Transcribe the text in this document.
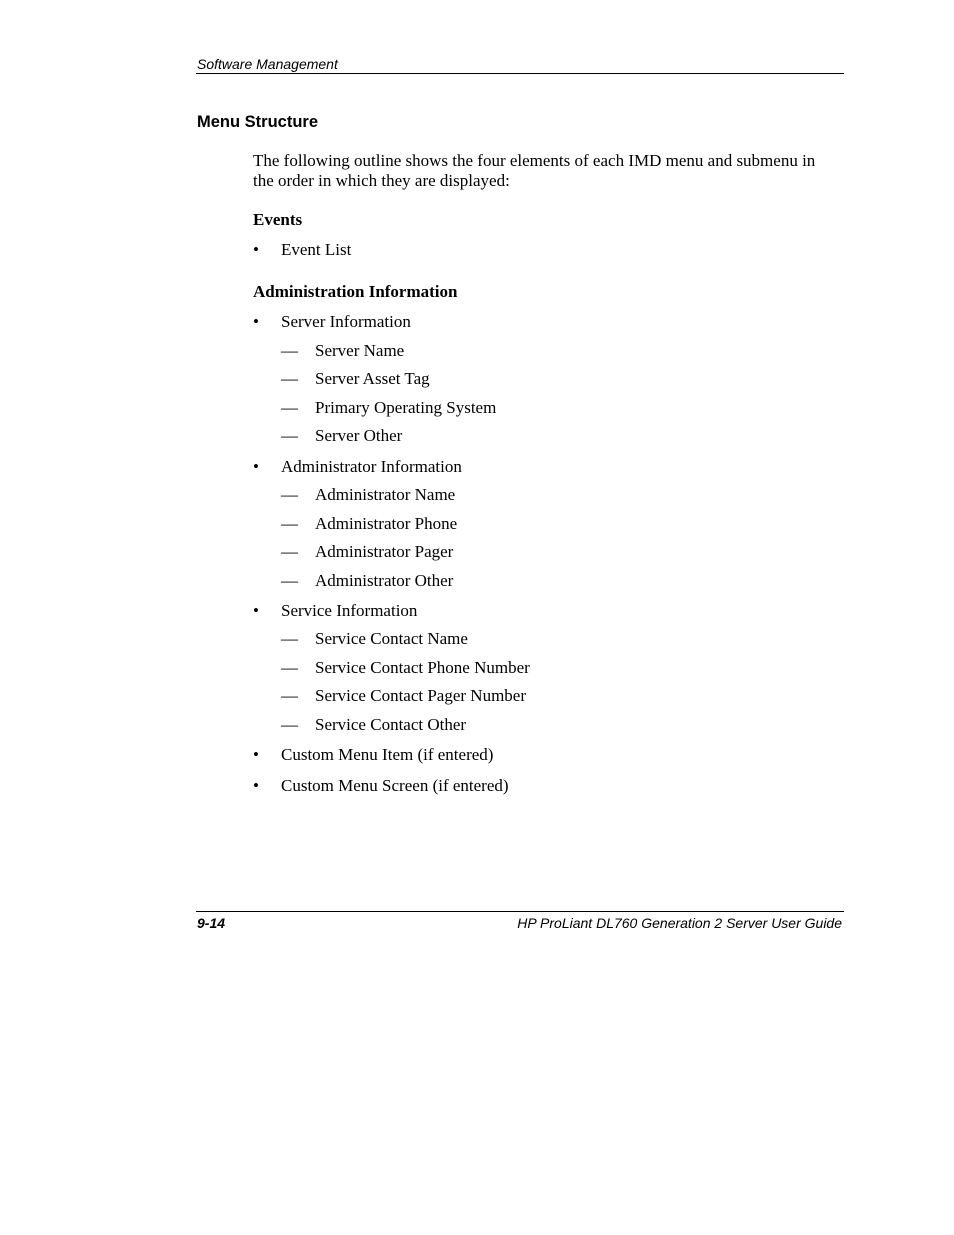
Software Management
Menu Structure

The following outline shows the four elements of each IMD menu and submenu in the order in which they are displayed:

Events
• Event List
Administration Information
• Server Information
— Server Name
— Server Asset Tag
— Primary Operating System
— Server Other
• Administrator Information
— Administrator Name
— Administrator Phone
— Administrator Pager
— Administrator Other
• Service Information
— Service Contact Name
— Service Contact Phone Number
— Service Contact Pager Number
— Service Contact Other
• Custom Menu Item (if entered)
• Custom Menu Screen (if entered)
9-14	HP ProLiant DL760 Generation 2 Server User Guide
